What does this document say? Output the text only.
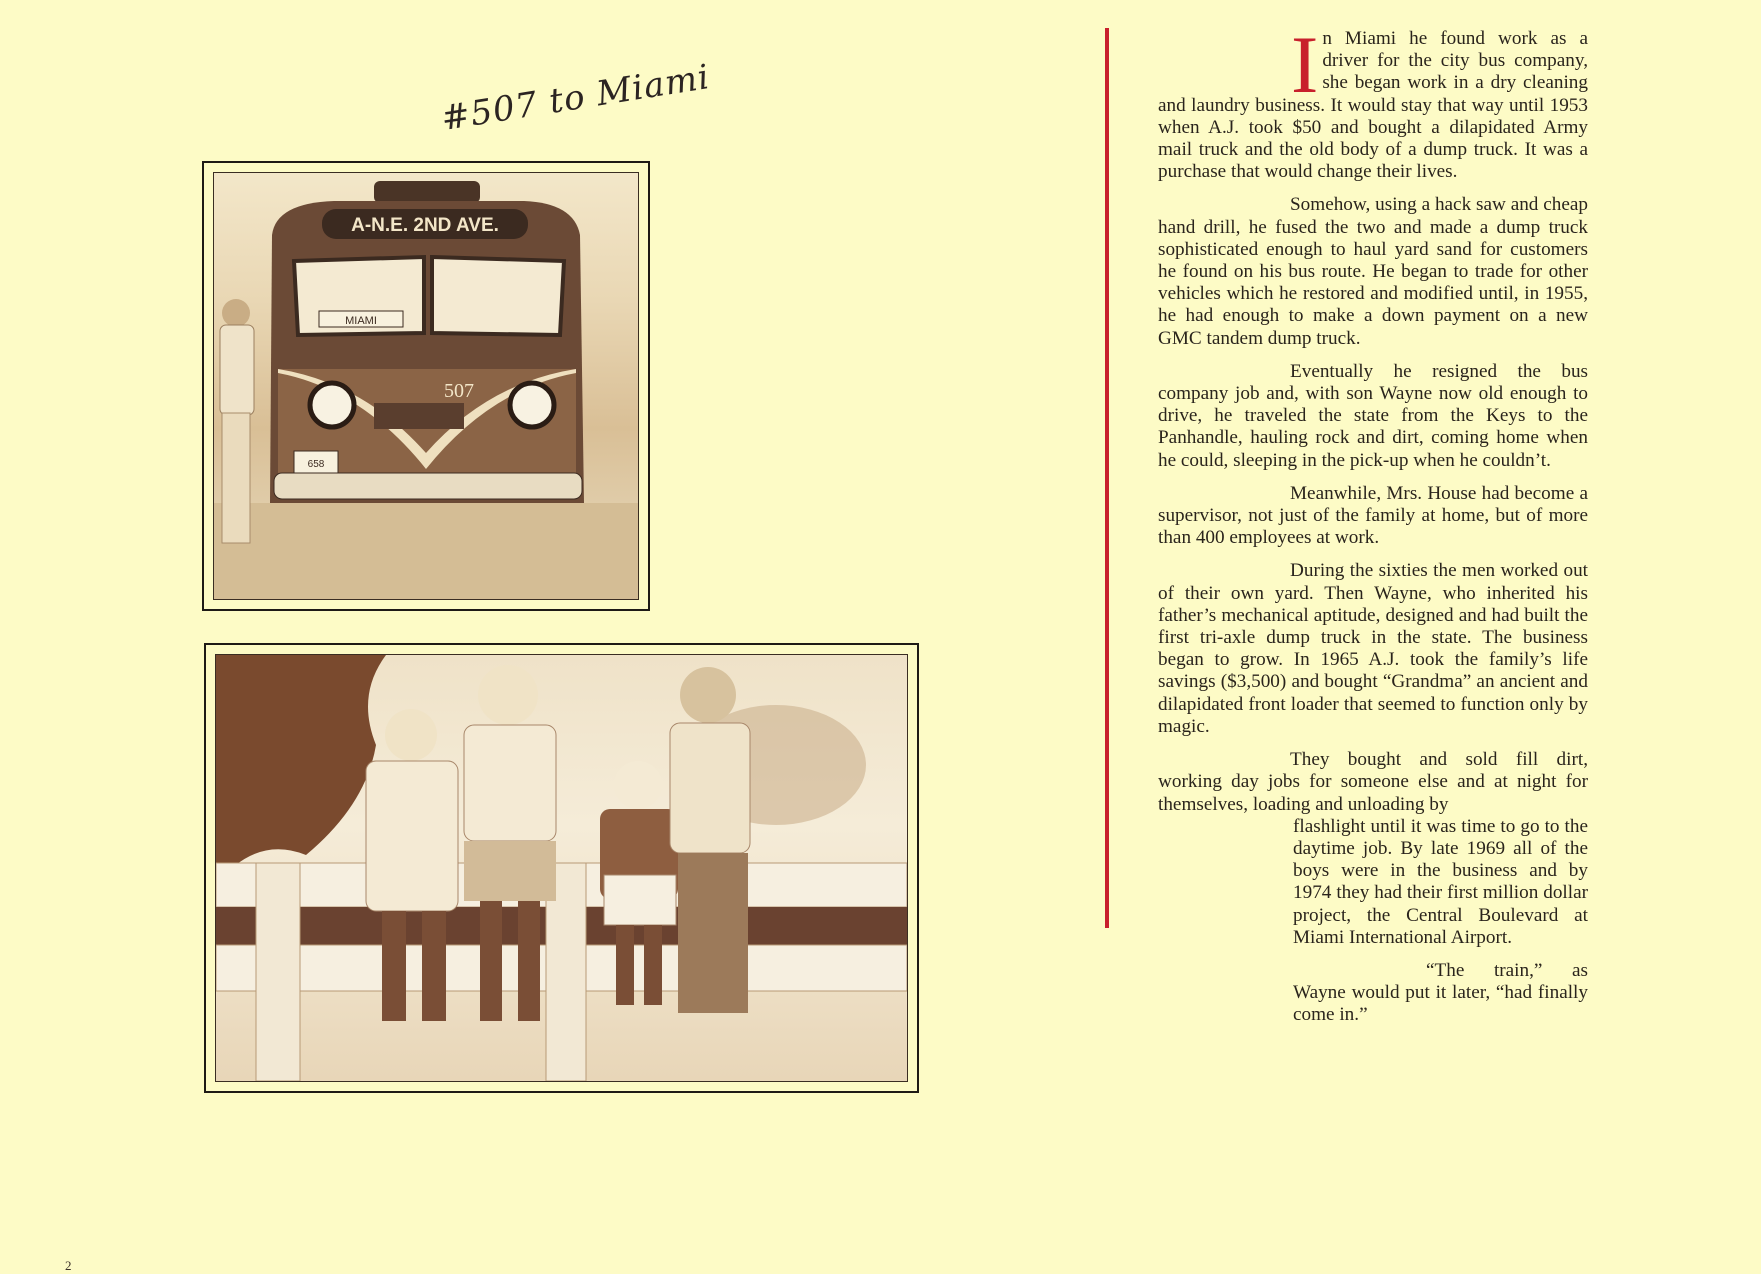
#507 to Miami
A-N.E. 2ND AVE.
MIAMI
507
658

In Miami he found work as a driver for the city bus company, she began work in a dry cleaning and laundry business. It would stay that way until 1953 when A.J. took $50 and bought a dilapidated Army mail truck and the old body of a dump truck. It was a purchase that would change their lives.

Somehow, using a hack saw and cheap hand drill, he fused the two and made a dump truck sophisticated enough to haul yard sand for customers he found on his bus route. He began to trade for other vehicles which he restored and modified until, in 1955, he had enough to make a down payment on a new GMC tandem dump truck.

Eventually he resigned the bus company job and, with son Wayne now old enough to drive, he traveled the state from the Keys to the Panhandle, hauling rock and dirt, coming home when he could, sleeping in the pick-up when he couldn’t.

Meanwhile, Mrs. House had become a supervisor, not just of the family at home, but of more than 400 employees at work.

During the sixties the men worked out of their own yard. Then Wayne, who inherited his father’s mechanical aptitude, designed and had built the first tri-axle dump truck in the state. The business began to grow. In 1965 A.J. took the family’s life savings ($3,500) and bought “Grandma” an ancient and dilapidated front loader that seemed to function only by magic.

They bought and sold fill dirt, working day jobs for someone else and at night for themselves, loading and unloading by

flashlight until it was time to go to the daytime job. By late 1969 all of the boys were in the business and by 1974 they had their first million dollar project, the Central Boulevard at Miami International Airport.

“The train,” as Wayne would put it later, “had finally come in.”

2
